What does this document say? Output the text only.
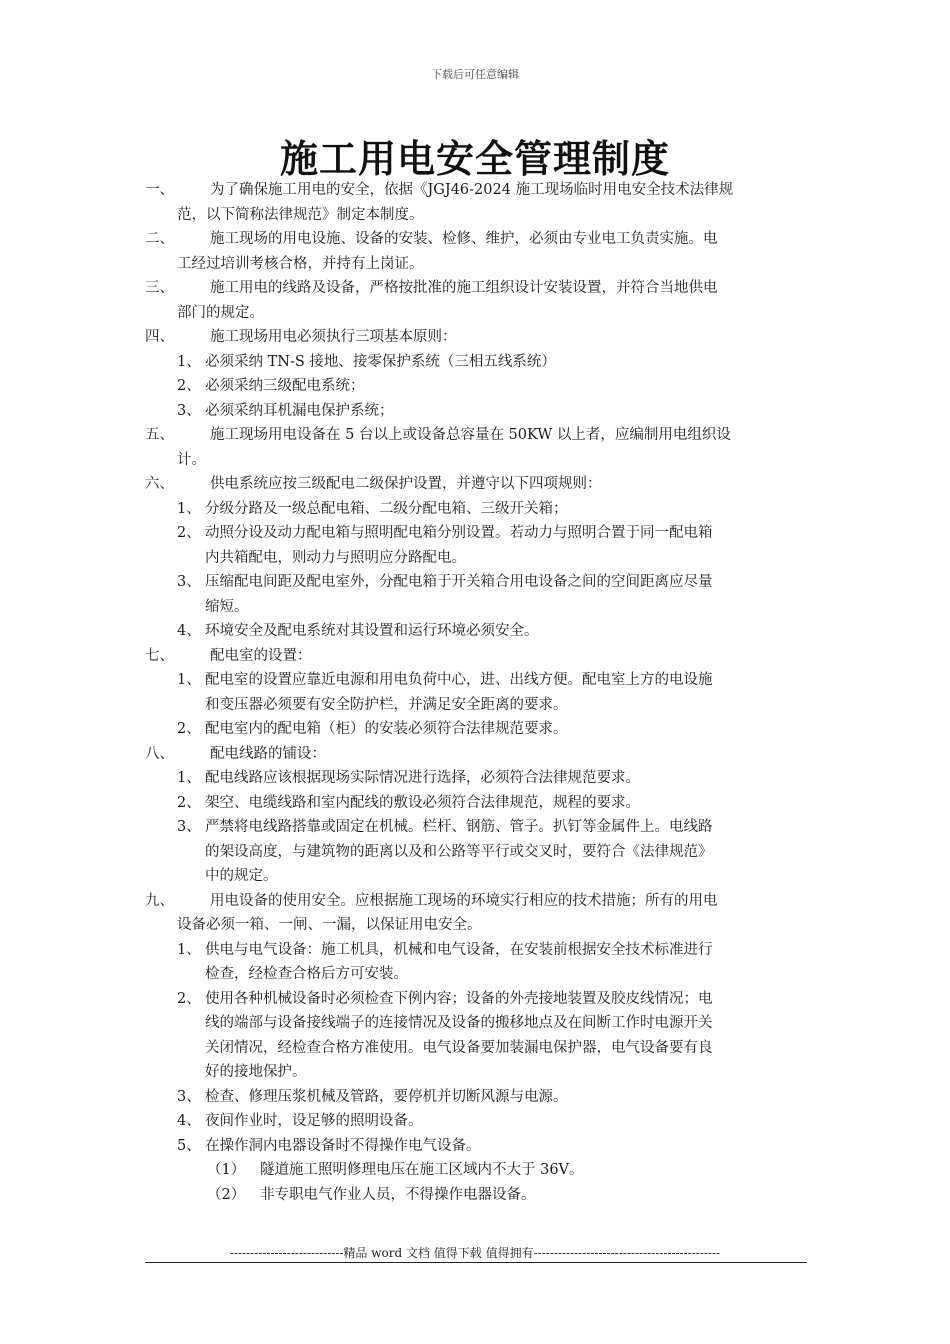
下载后可任意编辑
施工用电安全管理制度
一、	为了确保施工用电的安全，依据《JGJ46-2024 施工现场临时用电安全技术法律规
范，以下简称法律规范》制定本制度。
二、	施工现场的用电设施、设备的安装、检修、维护，必须由专业电工负责实施。电
工经过培训考核合格，并持有上岗证。
三、	施工用电的线路及设备，严格按批准的施工组织设计安装设置，并符合当地供电
部门的规定。
四、	施工现场用电必须执行三项基本原则：
1、 必须采纳 TN-S 接地、接零保护系统（三相五线系统）
2、 必须采纳三级配电系统；
3、 必须采纳耳机漏电保护系统；
五、	施工现场用电设备在 5 台以上或设备总容量在 50KW 以上者，应编制用电组织设
计。
六、	供电系统应按三级配电二级保护设置，并遵守以下四项规则：
1、 分级分路及一级总配电箱、二级分配电箱、三级开关箱；
2、 动照分设及动力配电箱与照明配电箱分别设置。若动力与照明合置于同一配电箱
内共箱配电，则动力与照明应分路配电。
3、 压缩配电间距及配电室外，分配电箱于开关箱合用电设备之间的空间距离应尽量
缩短。
4、 环境安全及配电系统对其设置和运行环境必须安全。
七、	配电室的设置：
1、 配电室的设置应靠近电源和用电负荷中心，进、出线方便。配电室上方的电设施
和变压器必须要有安全防护栏，并满足安全距离的要求。
2、 配电室内的配电箱（柜）的安装必须符合法律规范要求。
八、	配电线路的铺设：
1、 配电线路应该根据现场实际情况进行选择，必须符合法律规范要求。
2、 架空、电缆线路和室内配线的敷设必须符合法律规范，规程的要求。
3、 严禁将电线路搭靠或固定在机械。栏杆、钢筋、管子。扒钉等金属件上。电线路
的架设高度，与建筑物的距离以及和公路等平行或交叉时，要符合《法律规范》
中的规定。
九、	用电设备的使用安全。应根据施工现场的环境实行相应的技术措施；所有的用电
设备必须一箱、一闸、一漏，以保证用电安全。
1、 供电与电气设备：施工机具，机械和电气设备，在安装前根据安全技术标准进行
检查，经检查合格后方可安装。
2、 使用各种机械设备时必须检查下例内容；设备的外壳接地装置及胶皮线情况；电
线的端部与设备接线端子的连接情况及设备的搬移地点及在间断工作时电源开关
关闭情况，经检查合格方准使用。电气设备要加装漏电保护器，电气设备要有良
好的接地保护。
3、 检查、修理压浆机械及管路，要停机并切断风源与电源。
4、 夜间作业时，设足够的照明设备。
5、 在操作洞内电器设备时不得操作电气设备。
（1） 隧道施工照明修理电压在施工区域内不大于 36V。
（2） 非专职电气作业人员，不得操作电器设备。
----------------------------精品 word 文档 值得下载 值得拥有----------------------------------------------
